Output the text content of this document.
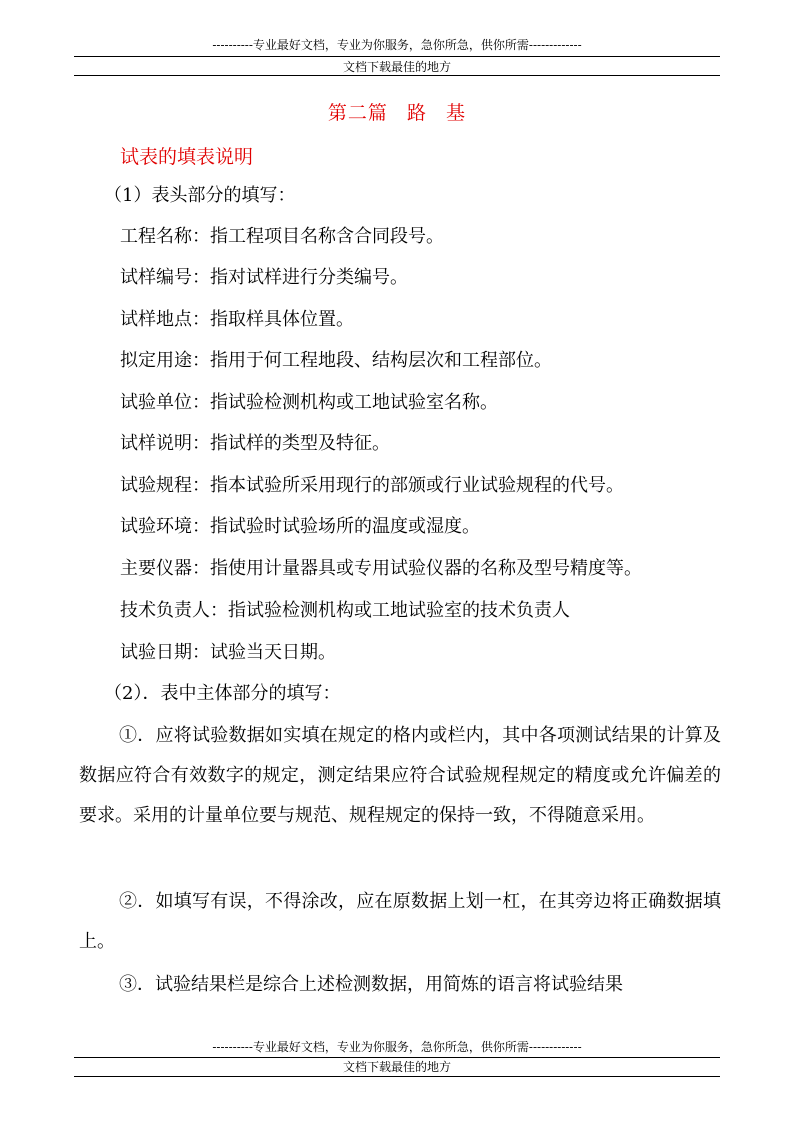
----------专业最好文档，专业为你服务，急你所急，供你所需-------------
文档下载最佳的地方
第二篇 路 基
试表的填表说明
（1）表头部分的填写：
工程名称：指工程项目名称含合同段号。
试样编号：指对试样进行分类编号。
试样地点：指取样具体位置。
拟定用途：指用于何工程地段、结构层次和工程部位。
试验单位：指试验检测机构或工地试验室名称。
试样说明：指试样的类型及特征。
试验规程：指本试验所采用现行的部颁或行业试验规程的代号。
试验环境：指试验时试验场所的温度或湿度。
主要仪器：指使用计量器具或专用试验仪器的名称及型号精度等。
技术负责人：指试验检测机构或工地试验室的技术负责人
试验日期：试验当天日期。
（2）．表中主体部分的填写：
①．应将试验数据如实填在规定的格内或栏内，其中各项测试结果的计算及数据应符合有效数字的规定，测定结果应符合试验规程规定的精度或允许偏差的要求。采用的计量单位要与规范、规程规定的保持一致，不得随意采用。
②．如填写有误，不得涂改，应在原数据上划一杠，在其旁边将正确数据填上。
③．试验结果栏是综合上述检测数据，用简炼的语言将试验结果
----------专业最好文档，专业为你服务，急你所急，供你所需-------------
文档下载最佳的地方
